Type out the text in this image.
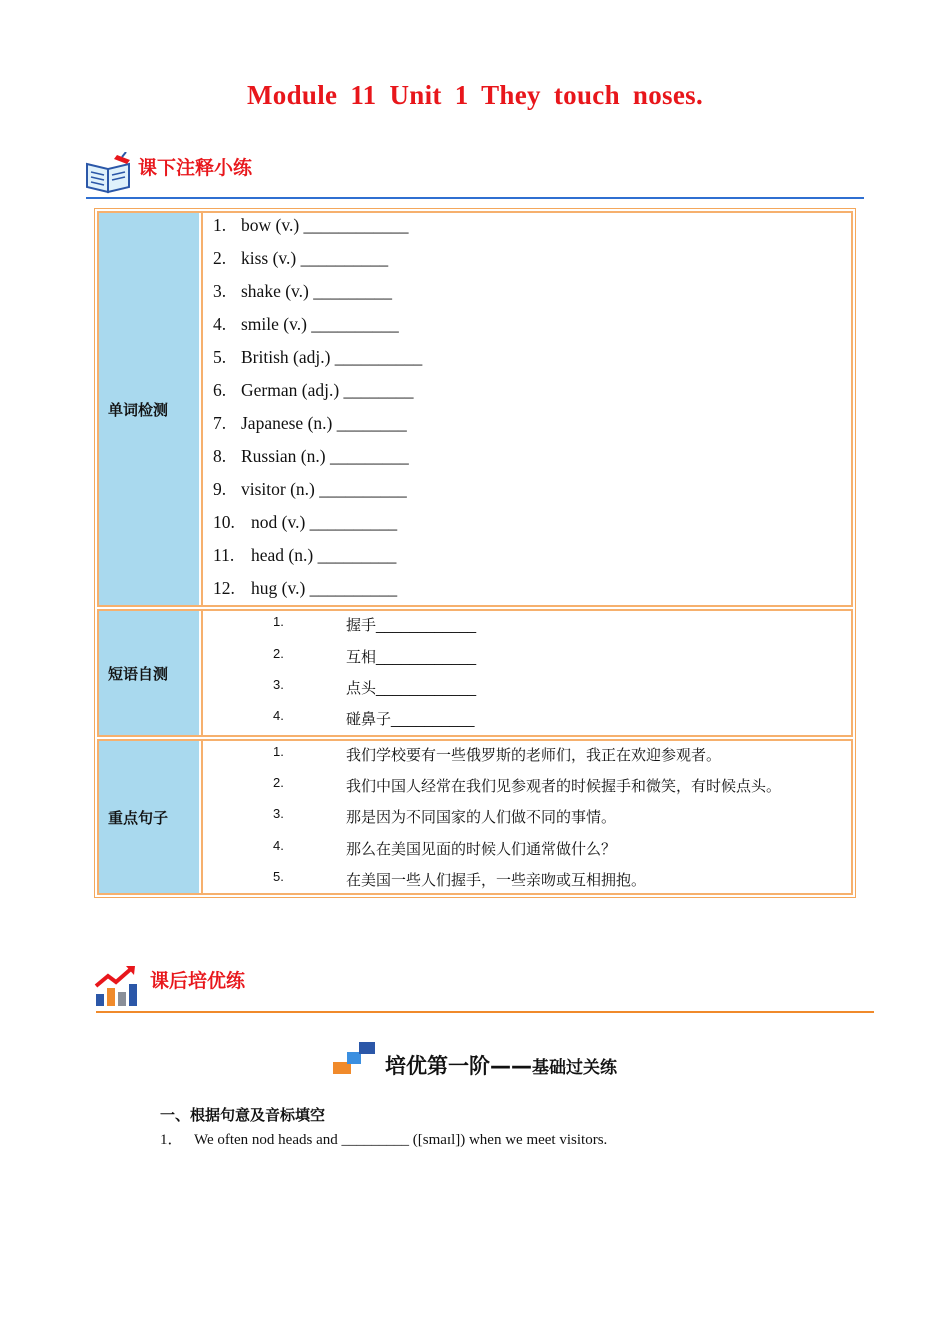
Module 11 Unit 1 They touch noses.
课下注释小练
单词检测
1. bow (v.) ____________
2. kiss (v.) __________
3. shake (v.) _________
4. smile (v.) __________
5. British (adj.) __________
6. German (adj.) ________
7. Japanese (n.) ________
8. Russian (n.) _________
9. visitor (n.) __________
10. nod (v.) __________
11. head (n.) _________
12. hug (v.) __________
短语自测
1.	握手____________
2.	互相____________
3.	点头____________
4.	碰鼻子__________
重点句子
1.	我们学校要有一些俄罗斯的老师们，我正在欢迎参观者。
2.	我们中国人经常在我们见参观者的时候握手和微笑，有时候点头。
3.	那是因为不同国家的人们做不同的事情。
4.	那么在美国见面的时候人们通常做什么？
5.	在美国一些人们握手，一些亲吻或互相拥抱。
课后培优练
培优第一阶——基础过关练
一、根据句意及音标填空
1． We often nod heads and _________ ([smaɪl]) when we meet visitors.
